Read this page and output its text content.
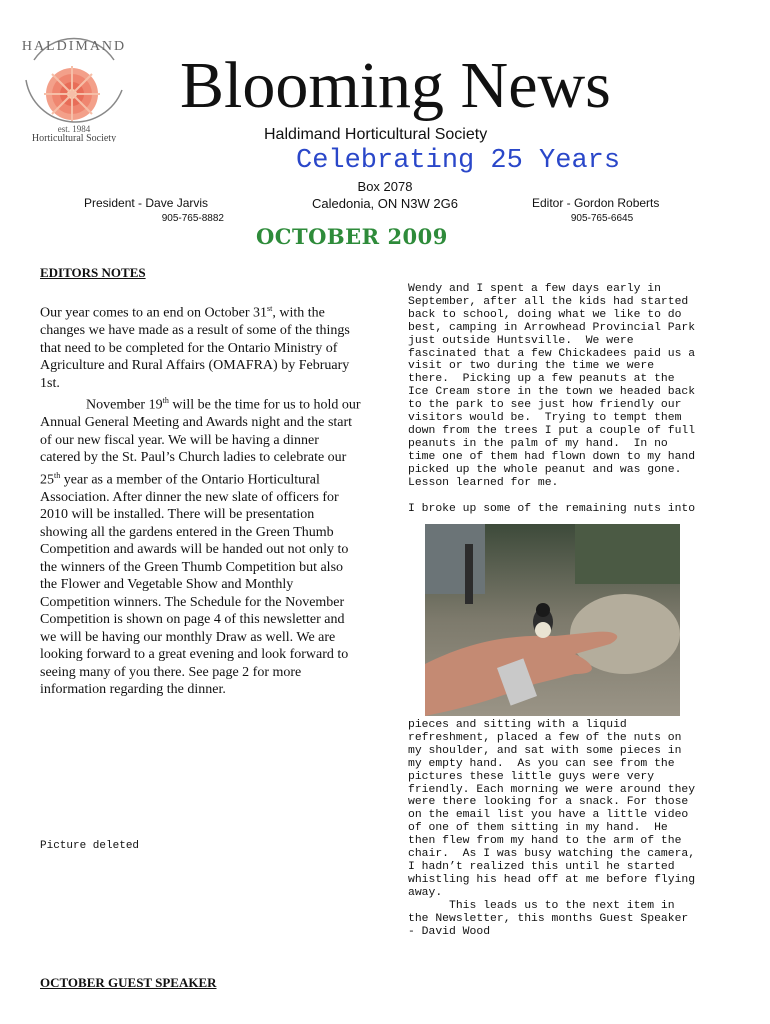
HALDIMAND
est. 1984
Horticultural Society
Blooming News
Haldimand Horticultural Society
Celebrating 25 Years
Box 2078
Caledonia, ON N3W 2G6
President - Dave Jarvis
905-765-8882
Editor - Gordon Roberts
905-765-6645
OCTOBER 2009
EDITORS NOTES

Our year comes to an end on October 31st, with the changes we have made as a result of some of the things that need to be completed for the Ontario Ministry of Agriculture and Rural Affairs (OMAFRA) by February 1st.

November 19th will be the time for us to hold our Annual General Meeting and Awards night and the start of our new fiscal year. We will be having a dinner catered by the St. Paul’s Church ladies to celebrate our 25th year as a member of the Ontario Horticultural Association. After dinner the new slate of officers for 2010 will be installed. There will be presentation showing all the gardens entered in the Green Thumb Competition and awards will be handed out not only to the winners of the Green Thumb Competition but also the Flower and Vegetable Show and Monthly Competition winners. The Schedule for the November Competition is shown on page 4 of this newsletter and we will be having our monthly Draw as well. We are looking forward to a great evening and look forward to seeing many of you there. See page 2 for more information regarding the dinner.

Picture deleted
OCTOBER GUEST SPEAKER
Wendy and I spent a few days early in
September, after all the kids had started
back to school, doing what we like to do
best, camping in Arrowhead Provincial Park
just outside Huntsville.  We were
fascinated that a few Chickadees paid us a
visit or two during the time we were
there.  Picking up a few peanuts at the
Ice Cream store in the town we headed back
to the park to see just how friendly our
visitors would be.  Trying to tempt them
down from the trees I put a couple of full
peanuts in the palm of my hand.  In no
time one of them had flown down to my hand
picked up the whole peanut and was gone.
Lesson learned for me.
I broke up some of the remaining nuts into
pieces and sitting with a liquid
refreshment, placed a few of the nuts on
my shoulder, and sat with some pieces in
my empty hand.  As you can see from the
pictures these little guys were very
friendly. Each morning we were around they
were there looking for a snack. For those
on the email list you have a little video
of one of them sitting in my hand.  He
then flew from my hand to the arm of the
chair.  As I was busy watching the camera,
I hadn’t realized this until he started
whistling his head off at me before flying
away.
This leads us to the next item in
the Newsletter, this months Guest Speaker
- David Wood
